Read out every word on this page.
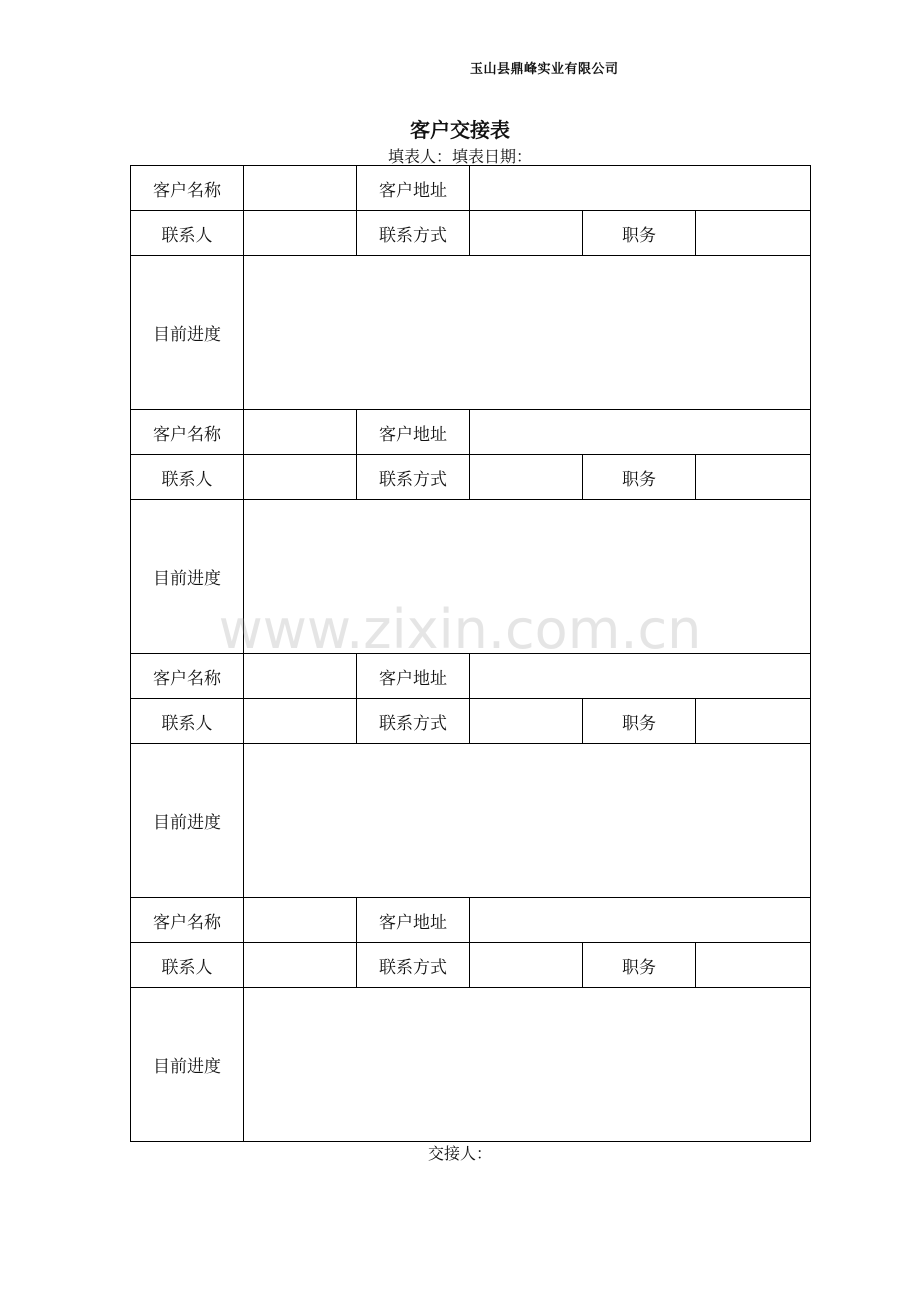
玉山县鼎峰实业有限公司
客户交接表
填表人：填表日期：
客户名称		客户地址			
联系人		联系方式		职务	
目前进度					
客户名称		客户地址			
联系人		联系方式		职务	
目前进度					
客户名称		客户地址			
联系人		联系方式		职务	
目前进度					
客户名称		客户地址			
联系人		联系方式		职务	
目前进度					
www.zixin.com.cn
交接人：
